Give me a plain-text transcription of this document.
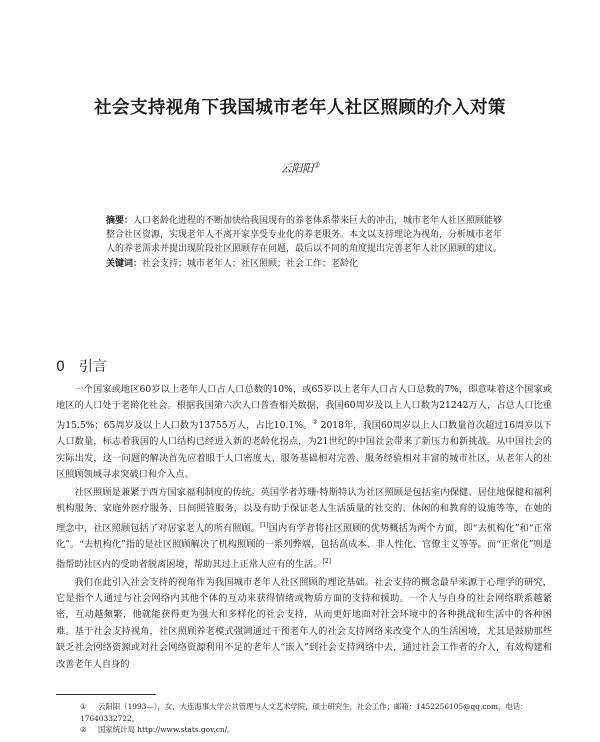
社会支持视角下我国城市老年人社区照顾的介入对策
云阳阳①

摘要：人口老龄化进程的不断加快给我国现有的养老体系带来巨大的冲击，城市老年人社区照顾能够整合社区资源，实现老年人不离开家享受专业化的养老服务。本文以支持理论为视角，分析城市老年人的养老需求并提出现阶段社区照顾存在问题，最后以不同的角度提出完善老年人社区照顾的建议。

关键词：社会支持；城市老年人；社区照顾；社会工作；老龄化

0 引言

一个国家或地区60岁以上老年人口占人口总数的10%，或65岁以上老年人口占人口总数的7%，即意味着这个国家或地区的人口处于老龄化社会。根据我国第六次人口普查相关数据，我国60周岁及以上人口数为21242万人，占总人口比重为15.5%；65周岁及以上人口数为13755万人，占比10.1%。② 2018年，我国60周岁以上人口数量首次超过16周岁以下人口数量，标志着我国的人口结构已经进入新的老龄化拐点，为21世纪的中国社会带来了新压力和新挑战。从中国社会的实际出发，这一问题的解决首先应着眼于人口密度大、服务基础相对完善、服务经验相对丰富的城市社区，从老年人的社区照顾领域寻求突破口和介入点。

社区照顾是兼紧于西方国家福利制度的传统。英国学者苏珊·特斯特认为社区照顾是包括室内保健、居住地保健和福利机构服务、家庭外医疗服务、日间照管服务，以及有助于保证老人生活质量的社交的、休闲的和教育的设施等等，在她的理念中，社区照顾包括了对居家老人的所有照顾。[1]国内有学者将社区照顾的优势概括为两个方面，即“去机构化”和“正常化”。“去机构化”指的是社区照顾解决了机构照顾的一系列弊端，包括高成本、非人性化、官僚主义等等。而“正常化”则是指帮助社区内的受助者脱离困境，帮助其过上正常人应有的生活。[2]

我们在此引入社会支持的视角作为我国城市老年人社区照顾的理论基础。社会支持的概念最早来源于心理学的研究，它是指个人通过与社会网络内其他个体的互动来获得情绪或物质方面的支持和援助。一个人与自身的社会网络联系越紧密，互动越频繁，他就能获得更为强大和多样化的社会支持，从而更好地面对社会环境中的各种挑战和生活中的各种困难。基于社会支持视角，社区照顾养老模式强调通过干预老年人的社会支持网络来改变个人的生活困境，尤其是鼓励那些缺乏社会网络资源或对社会网络资源利用不足的老年人“嵌入”到社会支持网络中去，通过社会工作者的介入，有效构建和改善老年人自身的

① 云阳阳（1993—），女，大连海事大学公共管理与人文艺术学院，硕士研究生，社会工作；邮箱：1452256105@qq.com，电话：17640332722。

② 国家统计局 http://www.stats.gov.cn/。
